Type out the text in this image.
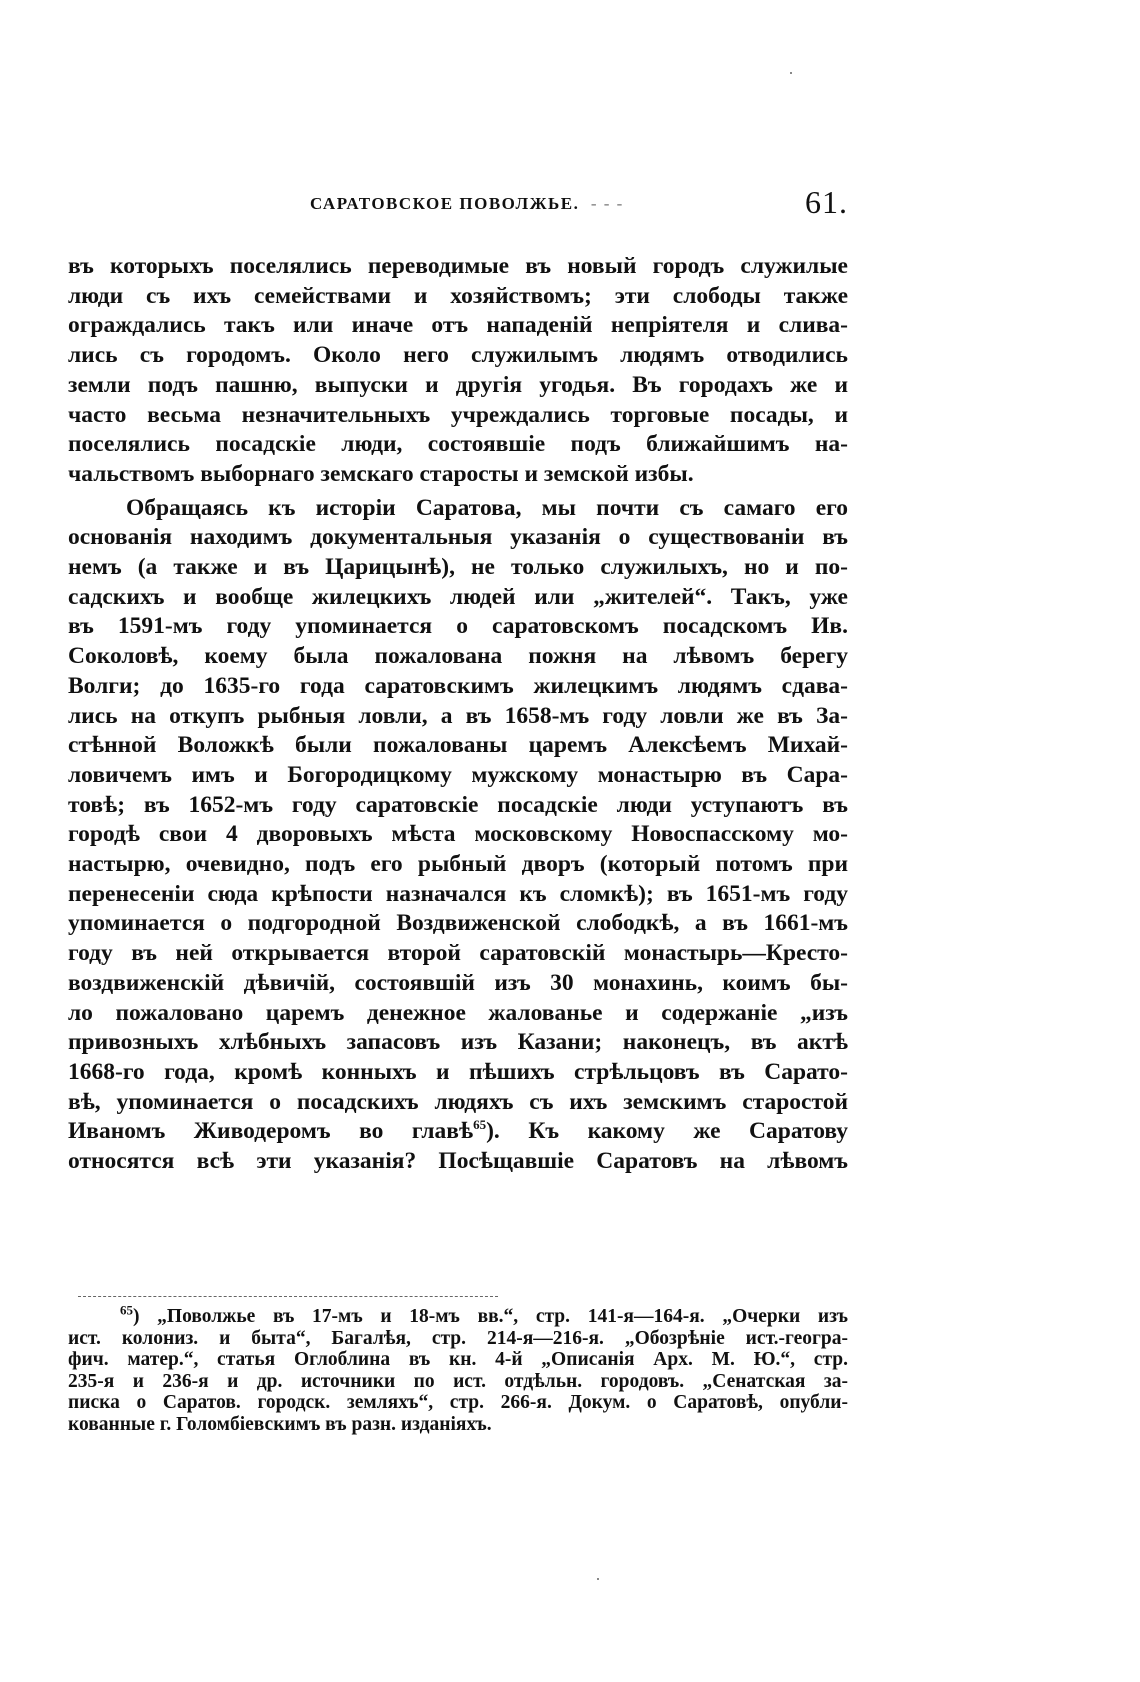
САРАТОВСКОЕ ПОВОЛЖЬЕ. - - -	61.
въ которыхъ поселялись переводимые въ новый городъ служилые
люди съ ихъ семействами и хозяйствомъ; эти слободы также
ограждались такъ или иначе отъ нападеній непріятеля и слива-
лись съ городомъ. Около него служилымъ людямъ отводились
земли подъ пашню, выпуски и другія угодья. Въ городахъ же и
часто весьма незначительныхъ учреждались торговые посады, и
поселялись посадскіе люди, состоявшіе подъ ближайшимъ на-
чальствомъ выборнаго земскаго старосты и земской избы.
Обращаясь къ исторіи Саратова, мы почти съ самаго его
основанія находимъ документальныя указанія о существованіи въ
немъ (а также и въ Царицынѣ), не только служилыхъ, но и по-
садскихъ и вообще жилецкихъ людей или „жителей“. Такъ, уже
въ 1591-мъ году упоминается о саратовскомъ посадскомъ Ив.
Соколовѣ, коему была пожалована пожня на лѣвомъ берегу
Волги; до 1635-го года саратовскимъ жилецкимъ людямъ сдава-
лись на откупъ рыбныя ловли, а въ 1658-мъ году ловли же въ За-
стѣнной Воложкѣ были пожалованы царемъ Алексѣемъ Михай-
ловичемъ имъ и Богородицкому мужскому монастырю въ Сара-
товѣ; въ 1652-мъ году саратовскіе посадскіе люди уступаютъ въ
городѣ свои 4 дворовыхъ мѣста московскому Новоспасскому мо-
настырю, очевидно, подъ его рыбный дворъ (который потомъ при
перенесеніи сюда крѣпости назначался къ сломкѣ); въ 1651-мъ году
упоминается о подгородной Воздвиженской слободкѣ, а въ 1661-мъ
году въ ней открывается второй саратовскій монастырь—Кресто-
воздвиженскій дѣвичій, состоявшій изъ 30 монахинь, коимъ бы-
ло пожаловано царемъ денежное жалованье и содержаніе „изъ
привозныхъ хлѣбныхъ запасовъ изъ Казани; наконецъ, въ актѣ
1668-го года, кромѣ конныхъ и пѣшихъ стрѣльцовъ въ Сарато-
вѣ, упоминается о посадскихъ людяхъ съ ихъ земскимъ старостой
Иваномъ Живодеромъ во главѣ$^{65}$). Къ какому же Саратову
относятся всѣ эти указанія? Посѣщавшіе Саратовъ на лѣвомъ
$^{65}$) „Поволжье въ 17-мъ и 18-мъ вв.“, стр. 141-я—164-я. „Очерки изъ
ист. колониз. и быта“, Багалѣя, стр. 214-я—216-я. „Обозрѣніе ист.-геогра-
фич. матер.“, статья Оглоблина въ кн. 4-й „Описанія Арх. М. Ю.“, стр.
235-я и 236-я и др. источники по ист. отдѣльн. городовъ. „Сенатская за-
писка о Саратов. городск. земляхъ“, стр. 266-я. Докум. о Саратовѣ, опубли-
кованные г. Голомбіевскимъ въ разн. изданіяхъ.
